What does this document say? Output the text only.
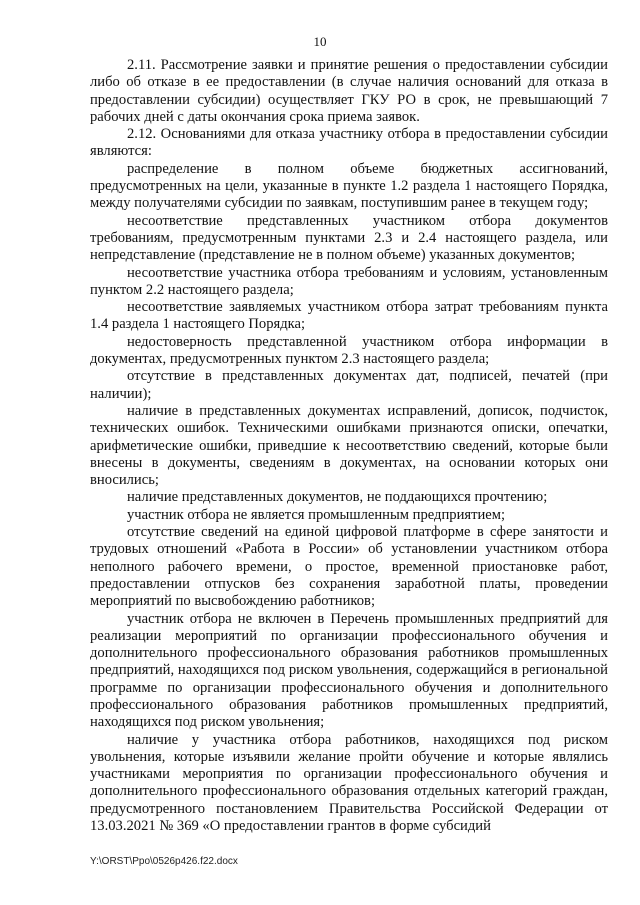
10

2.11. Рассмотрение заявки и принятие решения о предоставлении субсидии либо об отказе в ее предоставлении (в случае наличия оснований для отказа в предоставлении субсидии) осуществляет ГКУ РО в срок, не превышающий 7 рабочих дней с даты окончания срока приема заявок.

2.12. Основаниями для отказа участнику отбора в предоставлении субсидии являются:

распределение в полном объеме бюджетных ассигнований, предусмотренных на цели, указанные в пункте 1.2 раздела 1 настоящего Порядка, между получателями субсидии по заявкам, поступившим ранее в текущем году;

несоответствие представленных участником отбора документов требованиям, предусмотренным пунктами 2.3 и 2.4 настоящего раздела, или непредставление (представление не в полном объеме) указанных документов;

несоответствие участника отбора требованиям и условиям, установленным пунктом 2.2 настоящего раздела;

несоответствие заявляемых участником отбора затрат требованиям пункта 1.4 раздела 1 настоящего Порядка;

недостоверность представленной участником отбора информации в документах, предусмотренных пунктом 2.3 настоящего раздела;

отсутствие в представленных документах дат, подписей, печатей (при наличии);

наличие в представленных документах исправлений, дописок, подчисток, технических ошибок. Техническими ошибками признаются описки, опечатки, арифметические ошибки, приведшие к несоответствию сведений, которые были внесены в документы, сведениям в документах, на основании которых они вносились;

наличие представленных документов, не поддающихся прочтению;

участник отбора не является промышленным предприятием;

отсутствие сведений на единой цифровой платформе в сфере занятости и трудовых отношений «Работа в России» об установлении участником отбора неполного рабочего времени, о простое, временной приостановке работ, предоставлении отпусков без сохранения заработной платы, проведении мероприятий по высвобождению работников;

участник отбора не включен в Перечень промышленных предприятий для реализации мероприятий по организации профессионального обучения и дополнительного профессионального образования работников промышленных предприятий, находящихся под риском увольнения, содержащийся в региональной программе по организации профессионального обучения и дополнительного профессионального образования работников промышленных предприятий, находящихся под риском увольнения;

наличие у участника отбора работников, находящихся под риском увольнения, которые изъявили желание пройти обучение и которые являлись участниками мероприятия по организации профессионального обучения и дополнительного профессионального образования отдельных категорий граждан, предусмотренного постановлением Правительства Российской Федерации от 13.03.2021 № 369 «О предоставлении грантов в форме субсидий

Y:\ORST\Ppo\0526p426.f22.docx
